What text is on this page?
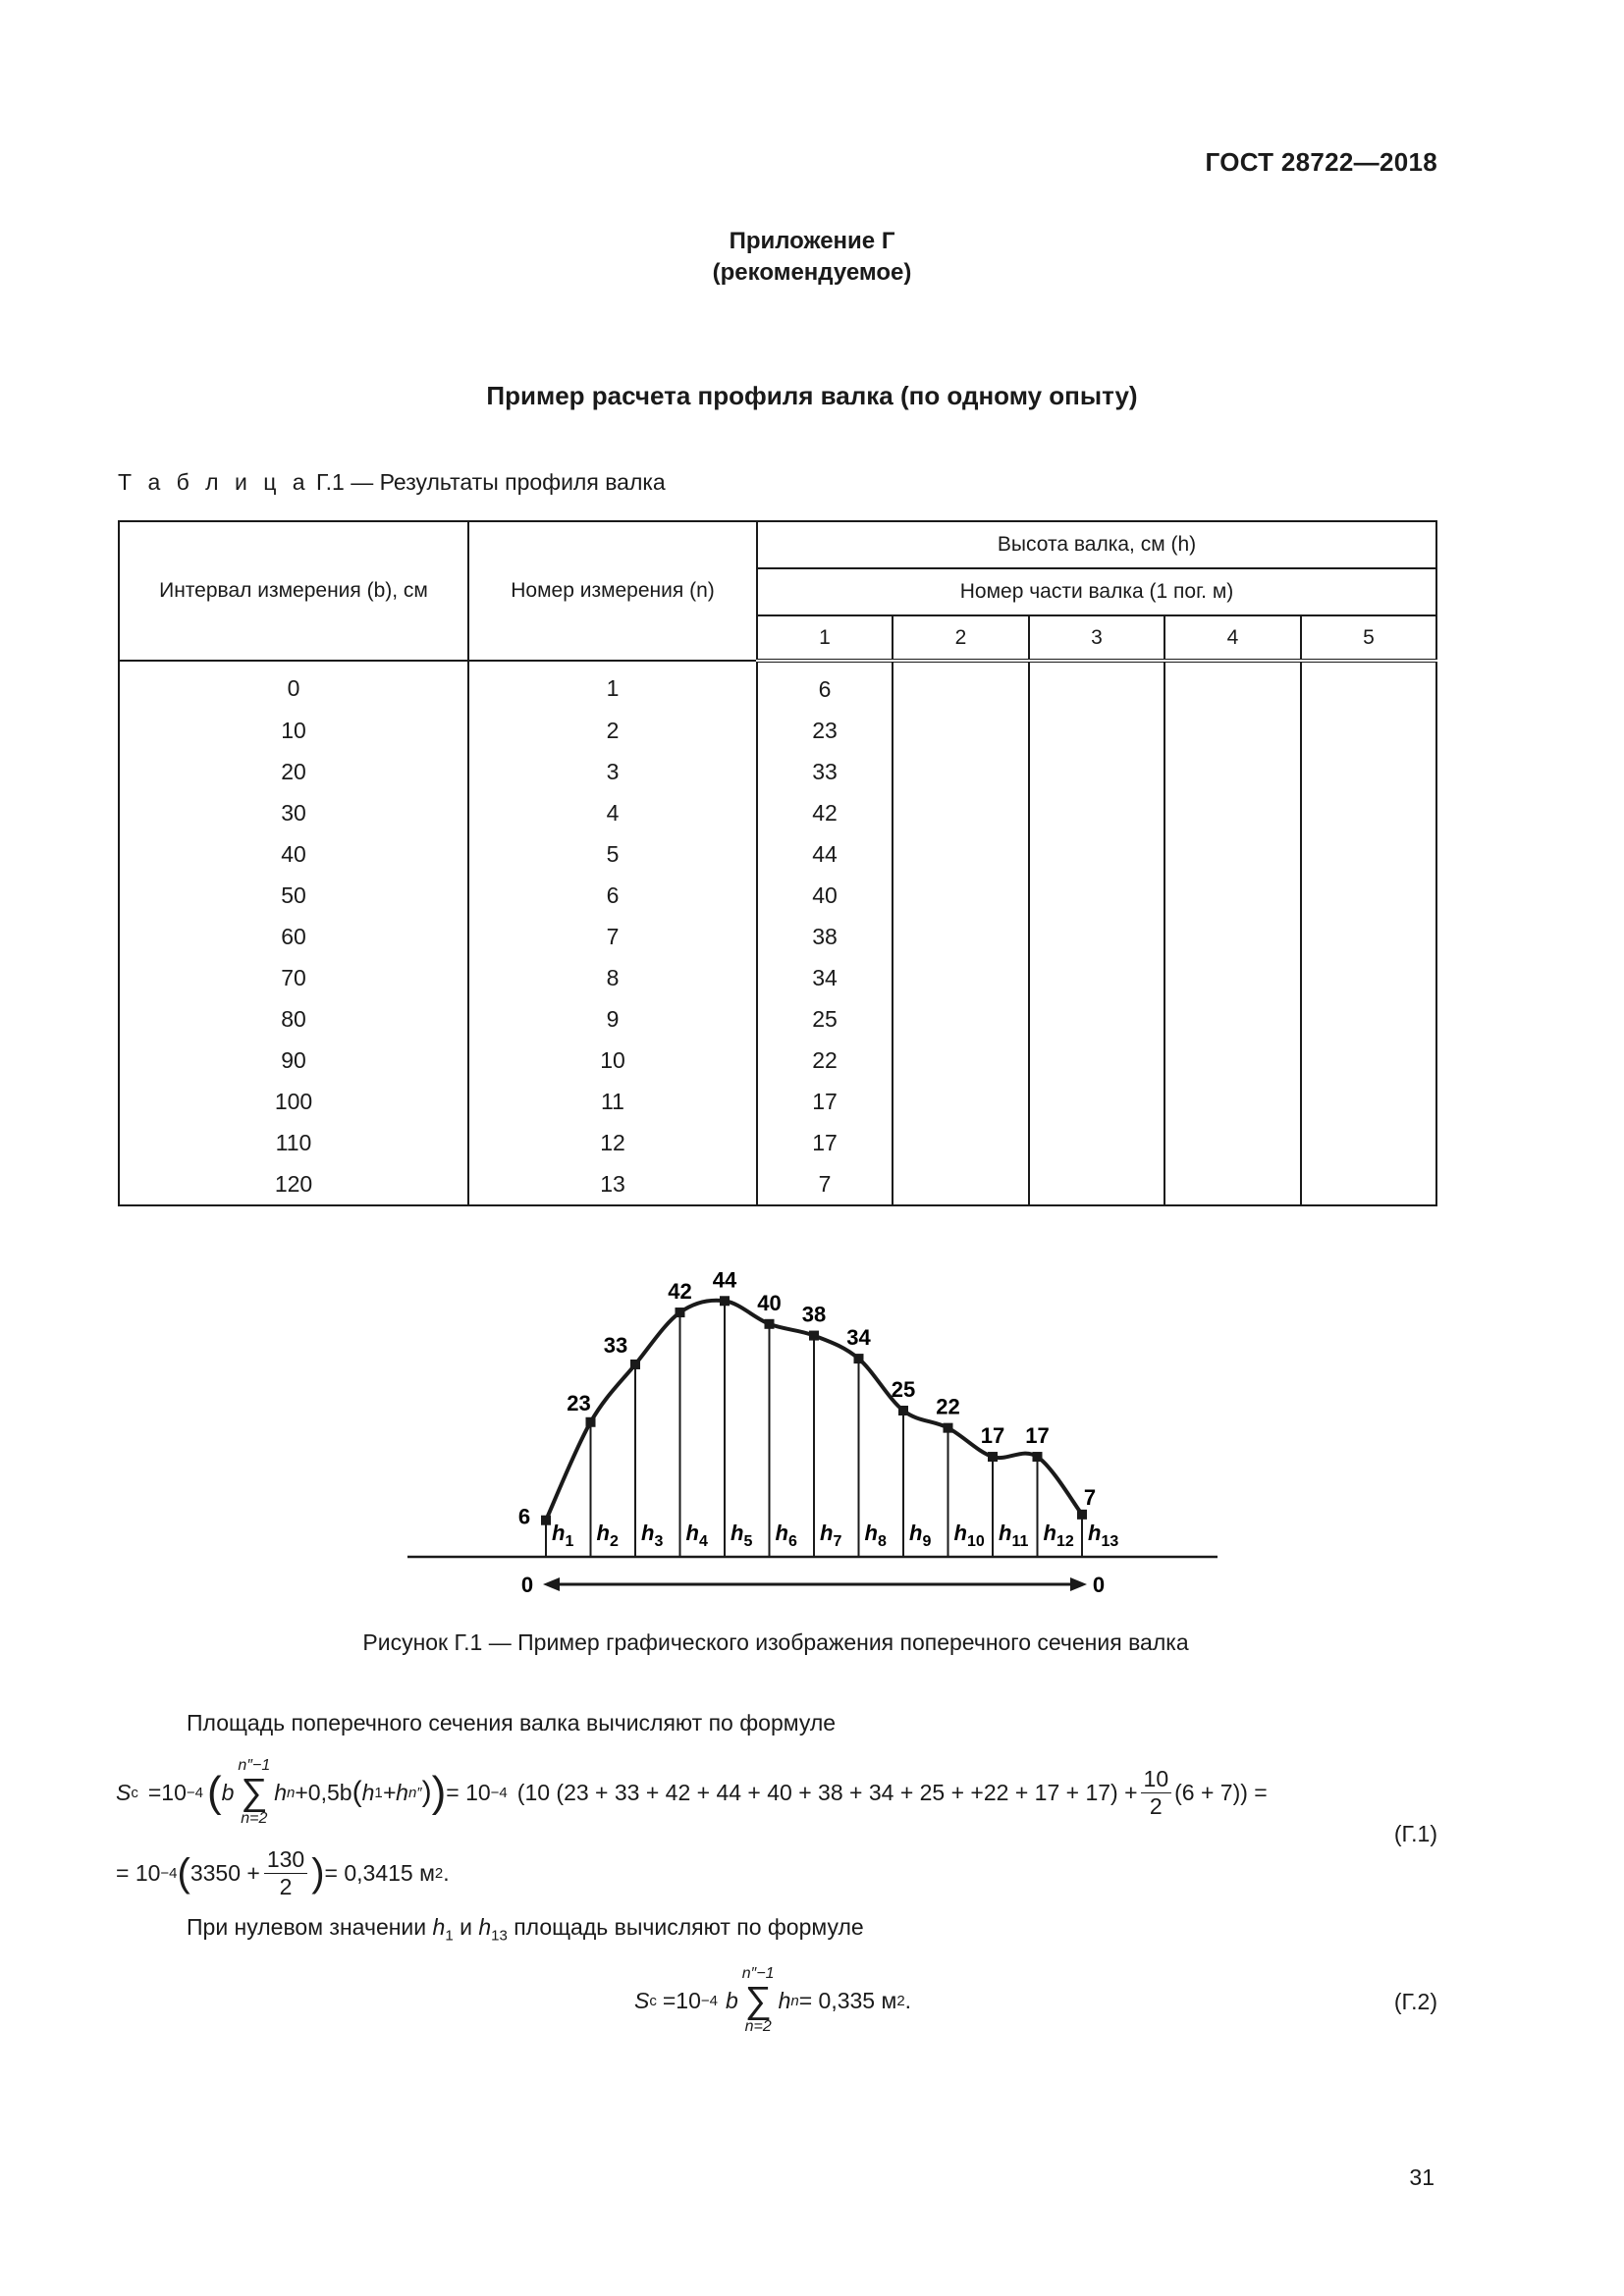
ГОСТ 28722—2018
Приложение Г
(рекомендуемое)
Пример расчета профиля валка (по одному опыту)
Т а б л и ц а Г.1 — Результаты профиля валка
Интервал измерения (b), см	Номер измерения (n)	Высота валка, см (h)				
		Номер части валка (1 пог. м)				
		1	2	3	4	5
0	1	6				
10	2	23				
20	3	33				
30	4	42				
40	5	44				
50	6	40				
60	7	38				
70	8	34				
80	9	25				
90	10	22				
100	11	17				
110	12	17				
120	13	7				
6
$h_1$
23
$h_2$
33
$h_3$
42
$h_4$
44
$h_5$
40
$h_6$
38
$h_7$
34
$h_8$
25
$h_9$
22
$h_{10}$
17
$h_{11}$
17
$h_{12}$
7
$h_{13}$
0	0
Рисунок Г.1 — Пример графического изображения поперечного сечения валка
Площадь поперечного сечения валка вычисляют по формуле
S c =10 −4 ( b
n″−1
∑
n=2
h n +0,5b ( h 1 +h n″ ) ) = 10 −4 (10 $(23 + 33 + 42 + 44 + 40 + 38 + 34 + 25 + +22 + 17 + 17) + \frac{10}{2} (6 + 7)$) =
(Г.1)
= 10 −4 ( $3350 + \frac{130}{2}$ ) = 0,3415 м 2 .
При нулевом значении $h_1$ и $h_{13}$ площадь вычисляют по формуле
S c =10 −4 b
n″−1
∑
n=2
h n = 0,335 м 2 .	(Г.2)
31
